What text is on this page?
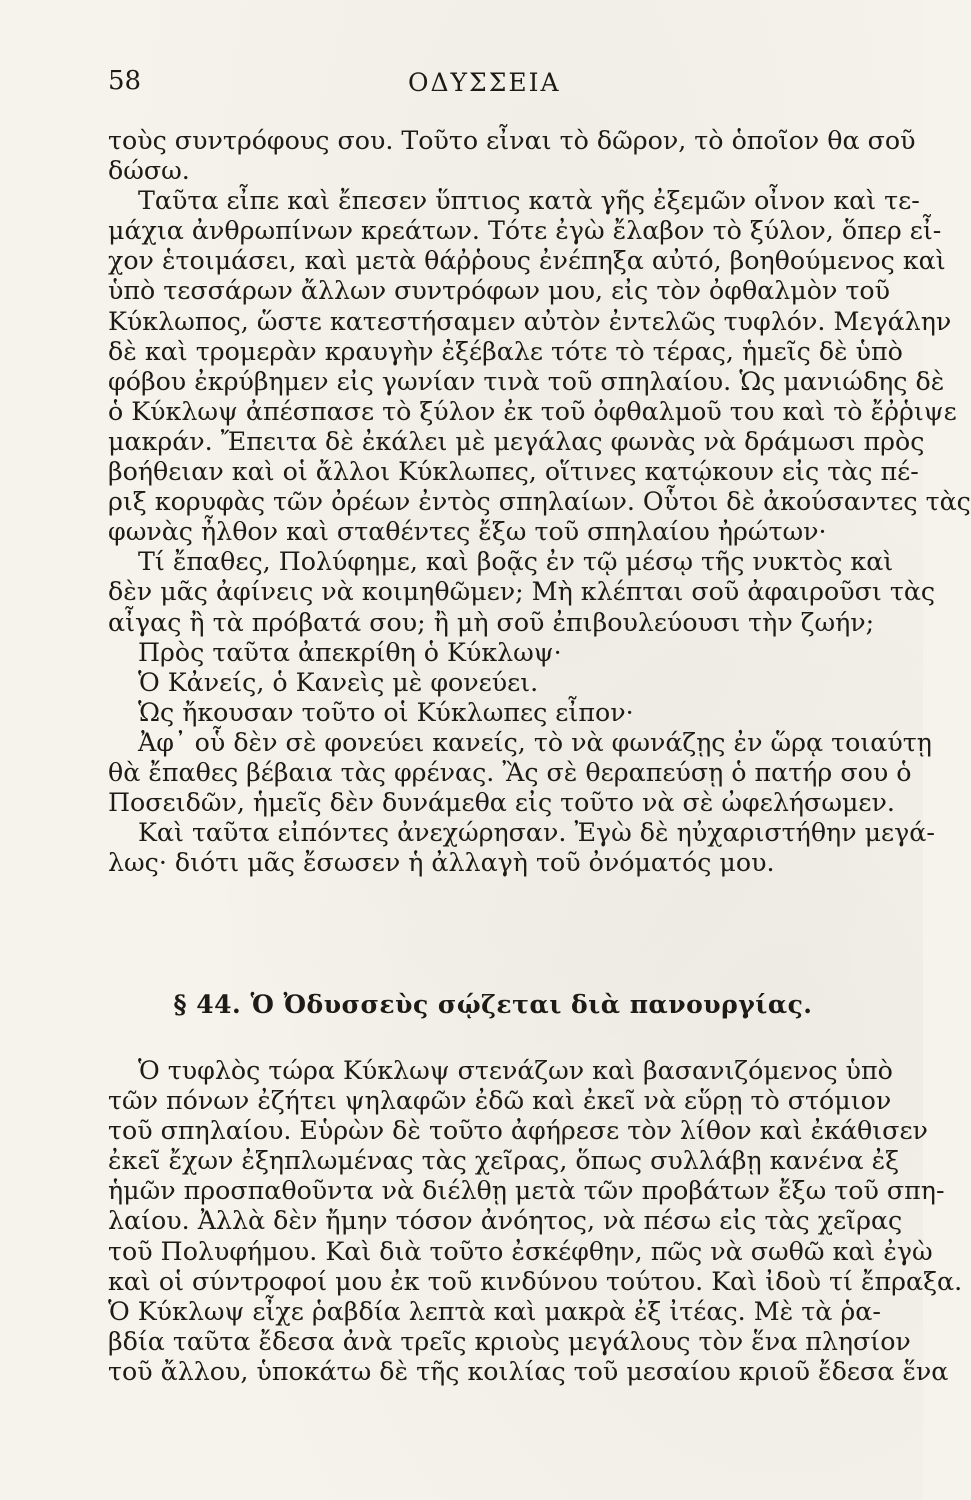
58	ΟΔΥΣΣΕΙΑ
τοὺς συντρόφους σου. Τοῦτο εἶναι τὸ δῶρον, τὸ ὁποῖον θα σοῦ
δώσω.
Ταῦτα εἶπε καὶ ἔπεσεν ὕπτιος κατὰ γῆς ἐξεμῶν οἶνον καὶ τε-
μάχια ἀνθρωπίνων κρεάτων. Τότε ἐγὼ ἔλαβον τὸ ξύλον, ὅπερ εἶ-
χον ἑτοιμάσει, καὶ μετὰ θάῤῥους ἐνέπηξα αὐτό, βοηθούμενος καὶ
ὑπὸ τεσσάρων ἄλλων συντρόφων μου, εἰς τὸν ὀφθαλμὸν τοῦ
Κύκλωπος, ὥστε κατεστήσαμεν αὐτὸν ἐντελῶς τυφλόν. Μεγάλην
δὲ καὶ τρομερὰν κραυγὴν ἐξέβαλε τότε τὸ τέρας, ἡμεῖς δὲ ὑπὸ
φόβου ἐκρύβημεν εἰς γωνίαν τινὰ τοῦ σπηλαίου. Ὡς μανιώδης δὲ
ὁ Κύκλωψ ἀπέσπασε τὸ ξύλον ἐκ τοῦ ὀφθαλμοῦ του καὶ τὸ ἔῤῥιψε
μακράν. Ἔπειτα δὲ ἐκάλει μὲ μεγάλας φωνὰς νὰ δράμωσι πρὸς
βοήθειαν καὶ οἱ ἄλλοι Κύκλωπες, οἵτινες κατῴκουν εἰς τὰς πέ-
ριξ κορυφὰς τῶν ὀρέων ἐντὸς σπηλαίων. Οὗτοι δὲ ἀκούσαντες τὰς
φωνὰς ἦλθον καὶ σταθέντες ἔξω τοῦ σπηλαίου ἠρώτων·
Τί ἔπαθες, Πολύφημε, καὶ βοᾷς ἐν τῷ μέσῳ τῆς νυκτὸς καὶ
δὲν μᾶς ἀφίνεις νὰ κοιμηθῶμεν; Μὴ κλέπται σοῦ ἀφαιροῦσι τὰς
αἶγας ἢ τὰ πρόβατά σου; ἢ μὴ σοῦ ἐπιβουλεύουσι τὴν ζωήν;
Πρὸς ταῦτα ἀπεκρίθη ὁ Κύκλωψ·
Ὁ Κἀνείς, ὁ Κανεὶς μὲ φονεύει.
Ὡς ἤκουσαν τοῦτο οἱ Κύκλωπες εἶπον·
Ἀφ᾽ οὗ δὲν σὲ φονεύει κανείς, τὸ νὰ φωνάζῃς ἐν ὥρᾳ τοιαύτῃ
θὰ ἔπαθες βέβαια τὰς φρένας. Ἂς σὲ θεραπεύσῃ ὁ πατήρ σου ὁ
Ποσειδῶν, ἡμεῖς δὲν δυνάμεθα εἰς τοῦτο νὰ σὲ ὠφελήσωμεν.
Καὶ ταῦτα εἰπόντες ἀνεχώρησαν. Ἐγὼ δὲ ηὐχαριστήθην μεγά-
λως· διότι μᾶς ἔσωσεν ἡ ἀλλαγὴ τοῦ ὀνόματός μου.
§ 44. Ὁ Ὀδυσσεὺς σῴζεται διὰ πανουργίας.
Ὁ τυφλὸς τώρα Κύκλωψ στενάζων καὶ βασανιζόμενος ὑπὸ
τῶν πόνων ἐζήτει ψηλαφῶν ἐδῶ καὶ ἐκεῖ νὰ εὕρῃ τὸ στόμιον
τοῦ σπηλαίου. Εὑρὼν δὲ τοῦτο ἀφήρεσε τὸν λίθον καὶ ἐκάθισεν
ἐκεῖ ἔχων ἐξηπλωμένας τὰς χεῖρας, ὅπως συλλάβῃ κανένα ἐξ
ἡμῶν προσπαθοῦντα νὰ διέλθῃ μετὰ τῶν προβάτων ἔξω τοῦ σπη-
λαίου. Ἀλλὰ δὲν ἤμην τόσον ἀνόητος, νὰ πέσω εἰς τὰς χεῖρας
τοῦ Πολυφήμου. Καὶ διὰ τοῦτο ἐσκέφθην, πῶς νὰ σωθῶ καὶ ἐγὼ
καὶ οἱ σύντροφοί μου ἐκ τοῦ κινδύνου τούτου. Καὶ ἰδοὺ τί ἔπραξα.
Ὁ Κύκλωψ εἶχε ῥαβδία λεπτὰ καὶ μακρὰ ἐξ ἰτέας. Μὲ τὰ ῥα-
βδία ταῦτα ἔδεσα ἀνὰ τρεῖς κριοὺς μεγάλους τὸν ἕνα πλησίον
τοῦ ἄλλου, ὑποκάτω δὲ τῆς κοιλίας τοῦ μεσαίου κριοῦ ἔδεσα ἕνα
